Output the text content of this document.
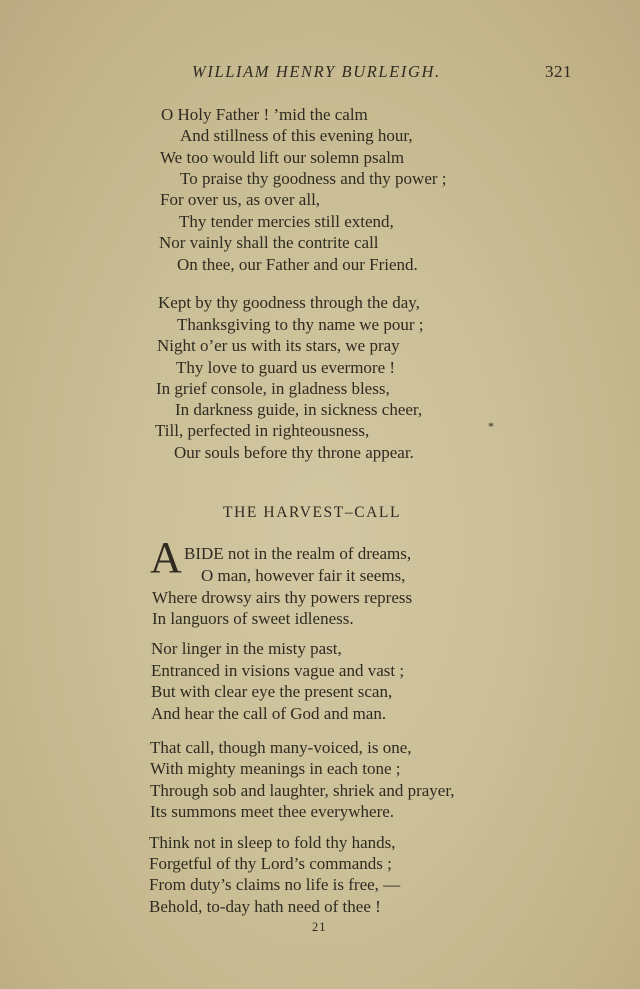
WILLIAM HENRY BURLEIGH.	321
O Holy Father ! ’mid the calm
And stillness of this evening hour,
We too would lift our solemn psalm
To praise thy goodness and thy power ;
For over us, as over all,
Thy tender mercies still extend,
Nor vainly shall the contrite call
On thee, our Father and our Friend.
Kept by thy goodness through the day,
Thanksgiving to thy name we pour ;
Night o’er us with its stars, we pray
Thy love to guard us evermore !
In grief console, in gladness bless,
In darkness guide, in sickness cheer,
Till, perfected in righteousness,
Our souls before thy throne appear.
*
THE HARVEST–CALL
A BIDE not in the realm of dreams,
O man, however fair it seems,
Where drowsy airs thy powers repress
In languors of sweet idleness.
Nor linger in the misty past,
Entranced in visions vague and vast ;
But with clear eye the present scan,
And hear the call of God and man.
That call, though many-voiced, is one,
With mighty meanings in each tone ;
Through sob and laughter, shriek and prayer,
Its summons meet thee everywhere.
Think not in sleep to fold thy hands,
Forgetful of thy Lord’s commands ;
From duty’s claims no life is free, —
Behold, to-day hath need of thee !
21
